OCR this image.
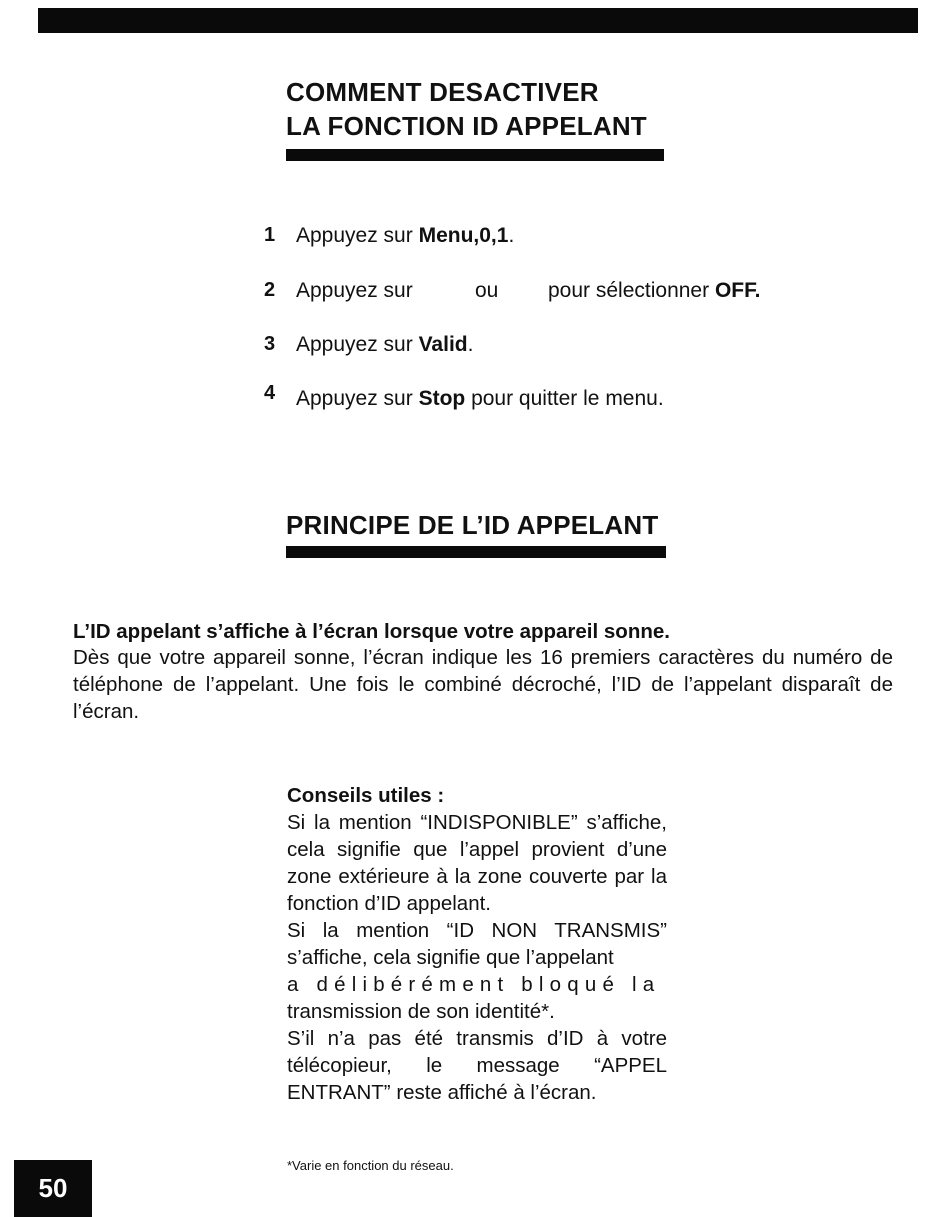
COMMENT DESACTIVER
LA FONCTION ID APPELANT
1 Appuyez sur Menu,0,1.
2 Appuyez sur	ou pour sélectionner OFF.
3 Appuyez sur Valid.
4 Appuyez sur Stop pour quitter le menu.
PRINCIPE DE L’ID APPELANT
L’ID appelant s’affiche à l’écran lorsque votre appareil sonne.
Dès que votre appareil sonne, l’écran indique les 16 premiers caractères du numéro de téléphone de l’appelant. Une fois le combiné décroché, l’ID de l’appelant disparaît de l’écran.
Conseils utiles :

Si la mention “INDISPONIBLE” s’affiche, cela signifie que l’appel provient d’une zone extérieure à la zone couverte par la fonction d’ID appelant.

Si la mention “ID NON TRANSMIS” s’affiche, cela signifie que l’appelant

a délibérément bloqué la

transmission de son identité*.

S’il n’a pas été transmis d’ID à votre télécopieur, le message “APPEL ENTRANT” reste affiché à l’écran.

*Varie en fonction du réseau.
50
